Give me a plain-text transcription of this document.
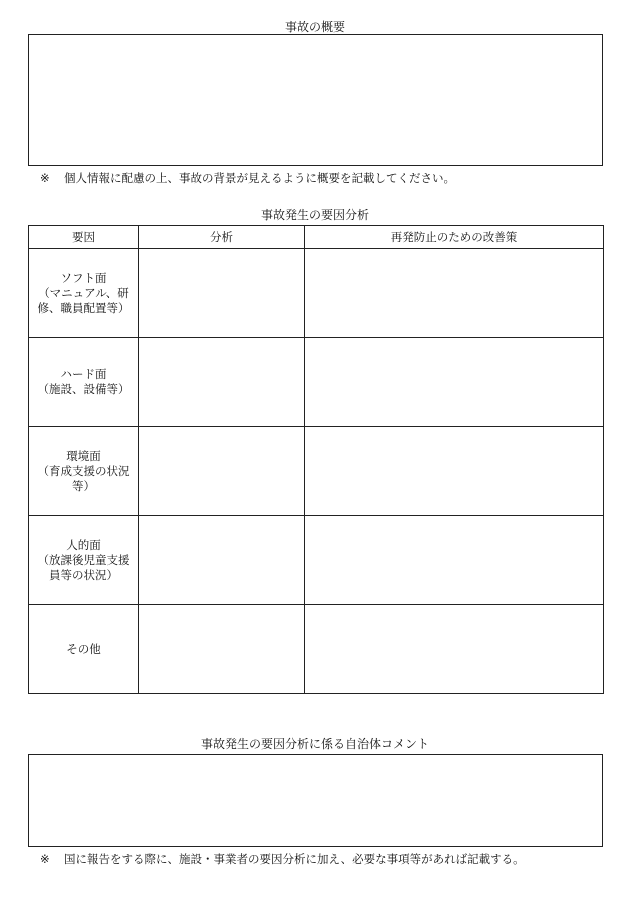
事故の概要
※ 個人情報に配慮の上、事故の背景が見えるように概要を記載してください。
事故発生の要因分析
要因	分析	再発防止のための改善策

ソフト面
（マニュアル、研
修、職員配置等）		

ハード面
（施設、設備等）		

環境面
（育成支援の状況
等）		

人的面
（放課後児童支援
員等の状況）		

その他		

事故発生の要因分析に係る自治体コメント
※ 国に報告をする際に、施設・事業者の要因分析に加え、必要な事項等があれば記載する。
